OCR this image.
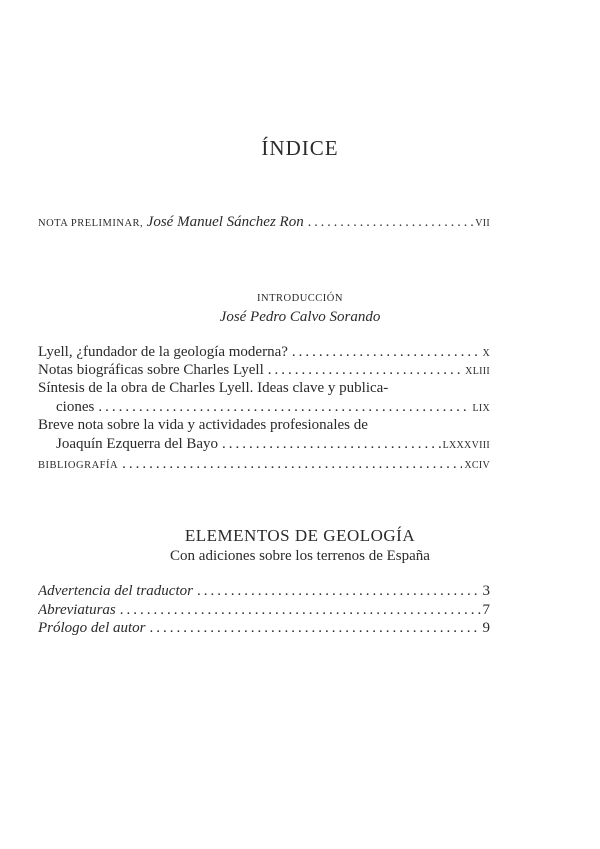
ÍNDICE
NOTA PRELIMINAR, José Manuel Sánchez Ron .....	VII
INTRODUCCIÓN
José Pedro Calvo Sorando
Lyell, ¿fundador de la geología moderna? .....	X
Notas biográficas sobre Charles Lyell .....	XLIII
Síntesis de la obra de Charles Lyell. Ideas clave y publica-
ciones .....	LIX
Breve nota sobre la vida y actividades profesionales de
Joaquín Ezquerra del Bayo .....	LXXXVIII
BIBLIOGRAFÍA .....	XCIV
ELEMENTOS DE GEOLOGÍA
Con adiciones sobre los terrenos de España
Advertencia del traductor .....	3
Abreviaturas .....	7
Prólogo del autor .....	9
